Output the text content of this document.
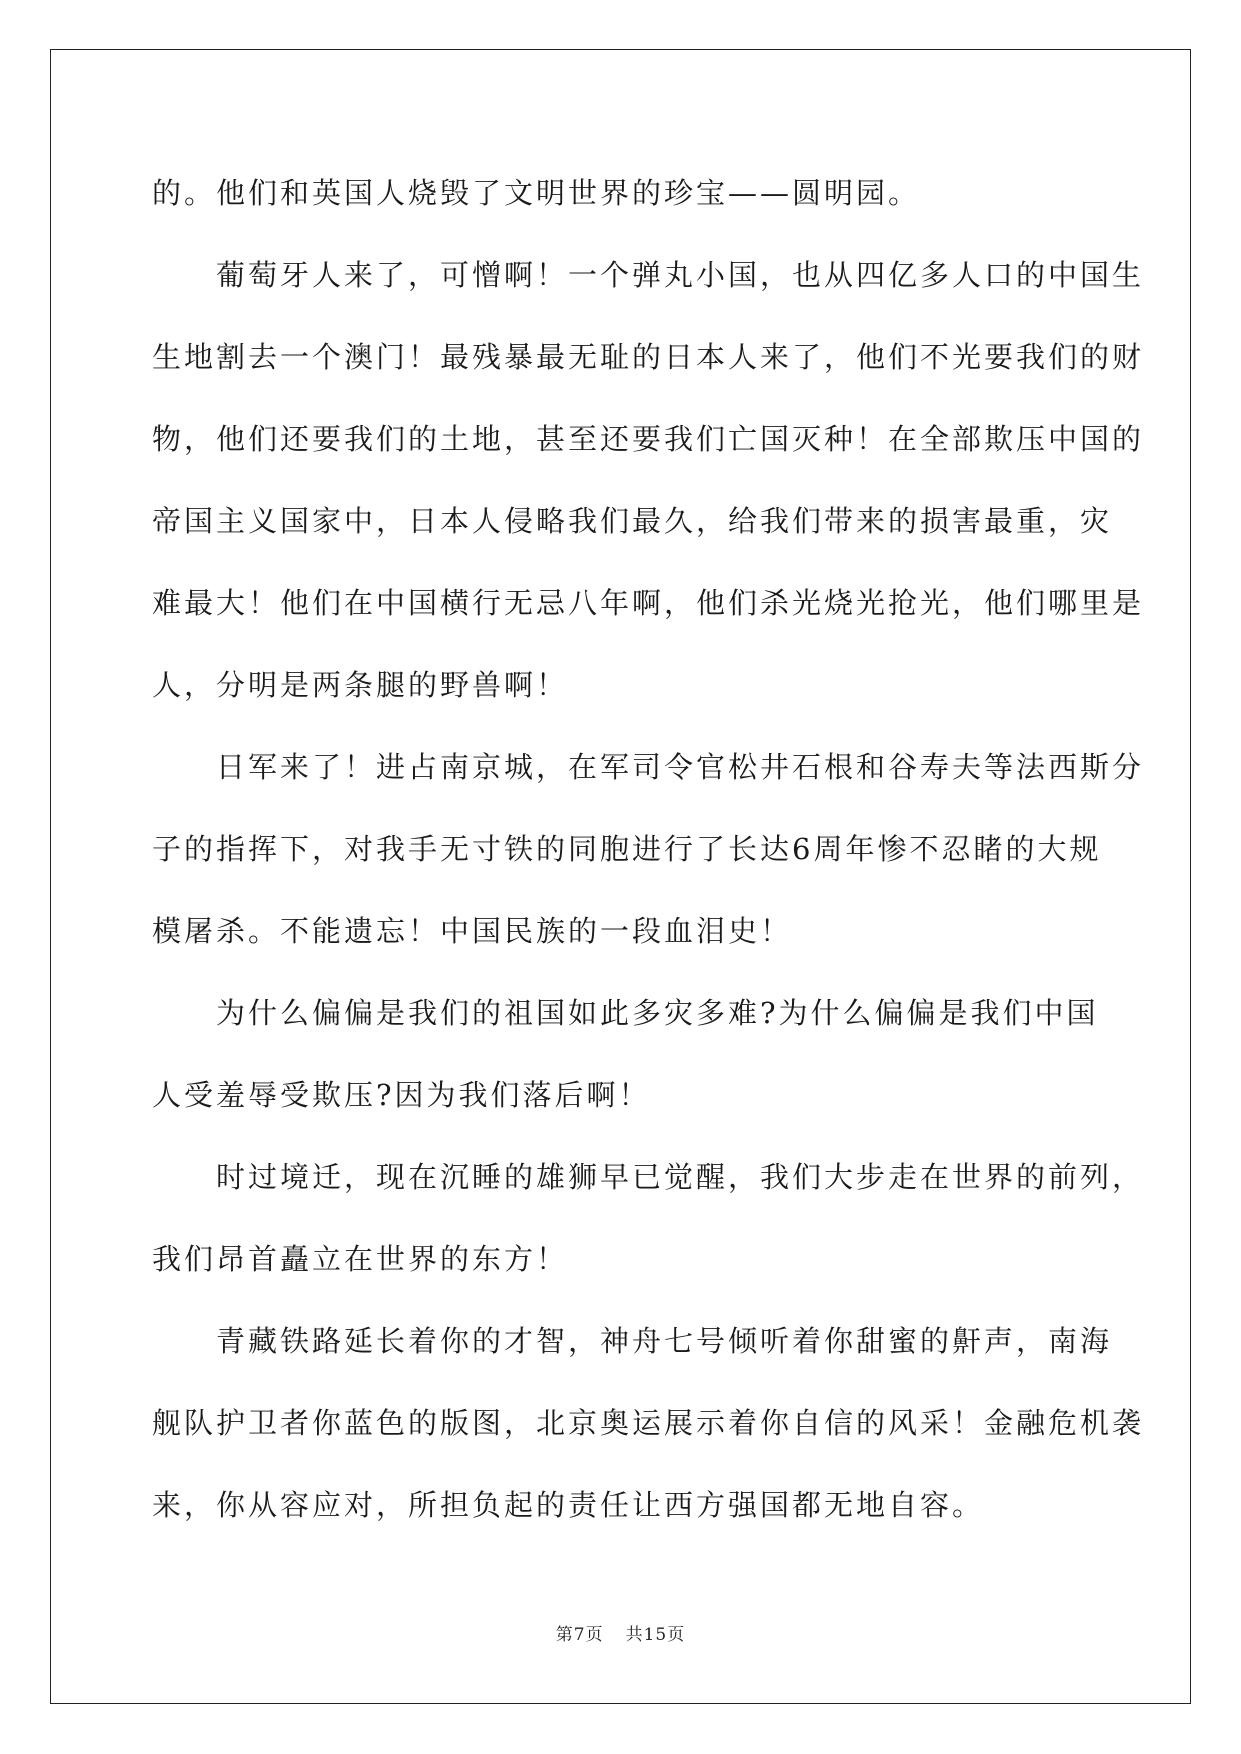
的。他们和英国人烧毁了文明世界的珍宝——圆明园。

葡萄牙人来了，可憎啊！一个弹丸小国，也从四亿多人口的中国生

生地割去一个澳门！最残暴最无耻的日本人来了，他们不光要我们的财

物，他们还要我们的土地，甚至还要我们亡国灭种！在全部欺压中国的

帝国主义国家中，日本人侵略我们最久，给我们带来的损害最重，灾

难最大！他们在中国横行无忌八年啊，他们杀光烧光抢光，他们哪里是

人，分明是两条腿的野兽啊！

日军来了！进占南京城，在军司令官松井石根和谷寿夫等法西斯分

子的指挥下，对我手无寸铁的同胞进行了长达6周年惨不忍睹的大规

模屠杀。不能遗忘！中国民族的一段血泪史！

为什么偏偏是我们的祖国如此多灾多难?为什么偏偏是我们中国

人受羞辱受欺压?因为我们落后啊！

时过境迁，现在沉睡的雄狮早已觉醒，我们大步走在世界的前列，

我们昂首矗立在世界的东方！

青藏铁路延长着你的才智，神舟七号倾听着你甜蜜的鼾声，南海

舰队护卫者你蓝色的版图，北京奥运展示着你自信的风采！金融危机袭

来，你从容应对，所担负起的责任让西方强国都无地自容。

第7页 共15页
